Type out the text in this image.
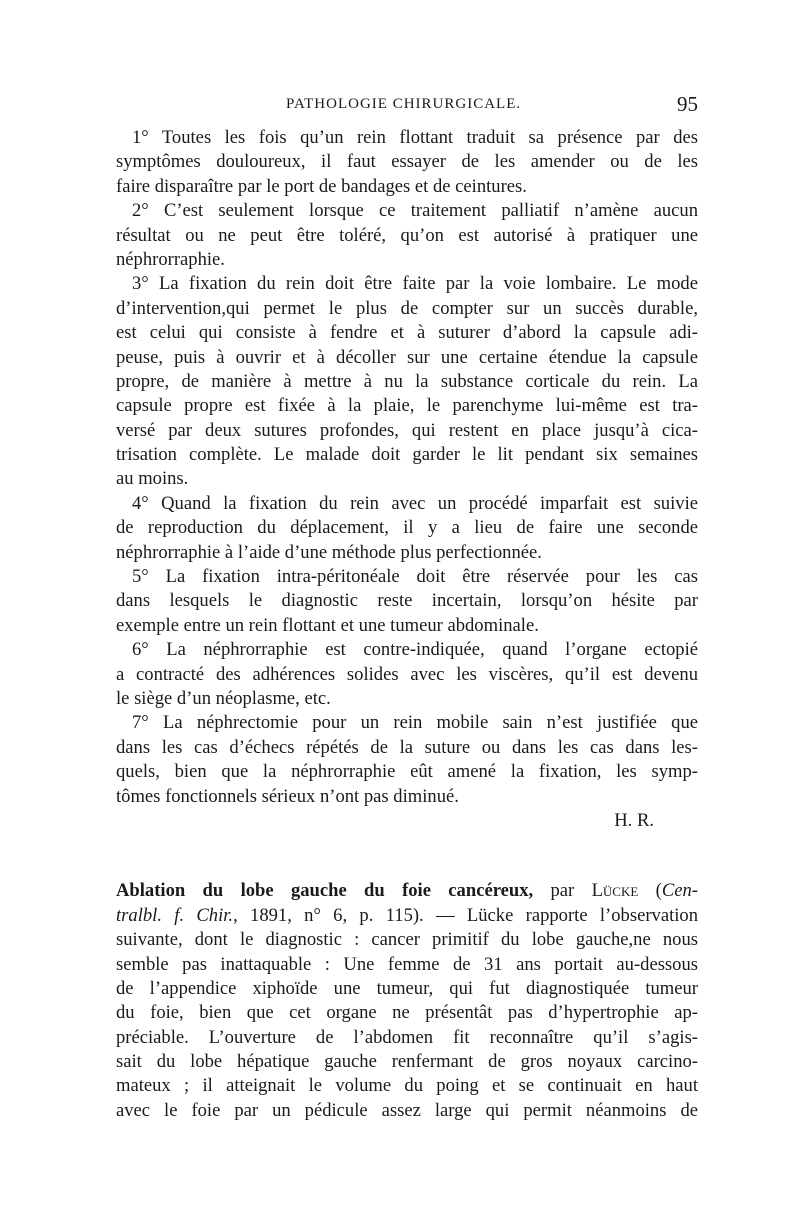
PATHOLOGIE CHIRURGICALE.	95
1° Toutes les fois qu’un rein flottant traduit sa présence par des
symptômes douloureux, il faut essayer de les amender ou de les
faire disparaître par le port de bandages et de ceintures.
2° C’est seulement lorsque ce traitement palliatif n’amène aucun
résultat ou ne peut être toléré, qu’on est autorisé à pratiquer une
néphrorraphie.
3° La fixation du rein doit être faite par la voie lombaire. Le mode
d’intervention,qui permet le plus de compter sur un succès durable,
est celui qui consiste à fendre et à suturer d’abord la capsule adi-
peuse, puis à ouvrir et à décoller sur une certaine étendue la capsule
propre, de manière à mettre à nu la substance corticale du rein. La
capsule propre est fixée à la plaie, le parenchyme lui-même est tra-
versé par deux sutures profondes, qui restent en place jusqu’à cica-
trisation complète. Le malade doit garder le lit pendant six semaines
au moins.
4° Quand la fixation du rein avec un procédé imparfait est suivie
de reproduction du déplacement, il y a lieu de faire une seconde
néphrorraphie à l’aide d’une méthode plus perfectionnée.
5° La fixation intra-péritonéale doit être réservée pour les cas
dans lesquels le diagnostic reste incertain, lorsqu’on hésite par
exemple entre un rein flottant et une tumeur abdominale.
6° La néphrorraphie est contre-indiquée, quand l’organe ectopié
a contracté des adhérences solides avec les viscères, qu’il est devenu
le siège d’un néoplasme, etc.
7° La néphrectomie pour un rein mobile sain n’est justifiée que
dans les cas d’échecs répétés de la suture ou dans les cas dans les-
quels, bien que la néphrorraphie eût amené la fixation, les symp-
tômes fonctionnels sérieux n’ont pas diminué.
H. R.
Ablation du lobe gauche du foie cancéreux, par Lücke (Cen-
tralbl. f. Chir., 1891, n° 6, p. 115). — Lücke rapporte l’observation
suivante, dont le diagnostic : cancer primitif du lobe gauche,ne nous
semble pas inattaquable : Une femme de 31 ans portait au-dessous
de l’appendice xiphoïde une tumeur, qui fut diagnostiquée tumeur
du foie, bien que cet organe ne présentât pas d’hypertrophie ap-
préciable. L’ouverture de l’abdomen fit reconnaître qu’il s’agis-
sait du lobe hépatique gauche renfermant de gros noyaux carcino-
mateux ; il atteignait le volume du poing et se continuait en haut
avec le foie par un pédicule assez large qui permit néanmoins de
